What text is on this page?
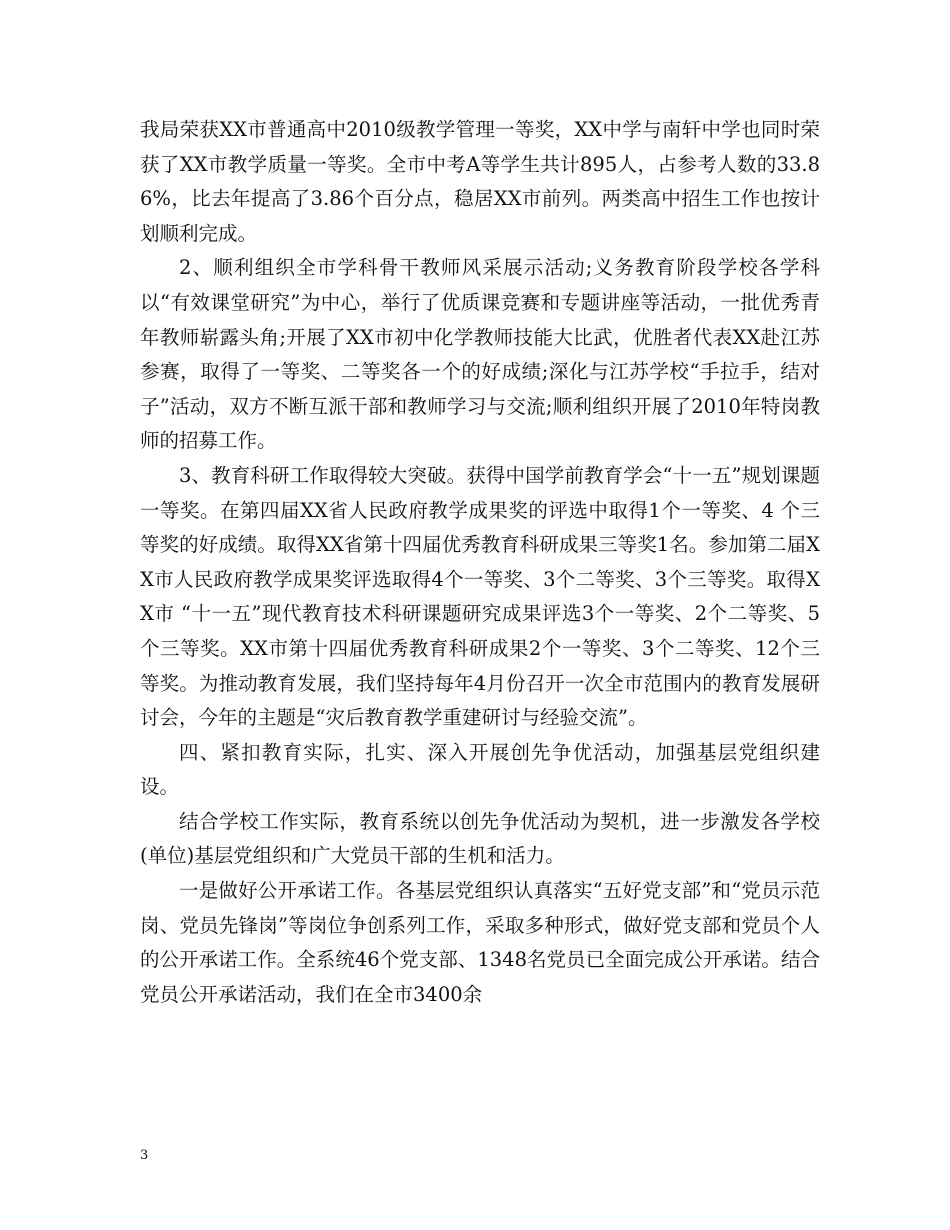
我局荣获XX市普通高中2010级教学管理一等奖，XX中学与南轩中学也同时荣获了XX市教学质量一等奖。全市中考A等学生共计895人，占参考人数的33.86%，比去年提高了3.86个百分点，稳居XX市前列。两类高中招生工作也按计划顺利完成。

2、顺利组织全市学科骨干教师风采展示活动;义务教育阶段学校各学科以“有效课堂研究”为中心，举行了优质课竞赛和专题讲座等活动，一批优秀青年教师崭露头角;开展了XX市初中化学教师技能大比武，优胜者代表XX赴江苏参赛，取得了一等奖、二等奖各一个的好成绩;深化与江苏学校“手拉手，结对子”活动，双方不断互派干部和教师学习与交流;顺利组织开展了2010年特岗教师的招募工作。

3、教育科研工作取得较大突破。获得中国学前教育学会“十一五”规划课题一等奖。在第四届XX省人民政府教学成果奖的评选中取得1个一等奖、4 个三等奖的好成绩。取得XX省第十四届优秀教育科研成果三等奖1名。参加第二届XX市人民政府教学成果奖评选取得4个一等奖、3个二等奖、3个三等奖。取得XX市 “十一五”现代教育技术科研课题研究成果评选3个一等奖、2个二等奖、5个三等奖。XX市第十四届优秀教育科研成果2个一等奖、3个二等奖、12个三等奖。为推动教育发展，我们坚持每年4月份召开一次全市范围内的教育发展研讨会，今年的主题是“灾后教育教学重建研讨与经验交流”。

四、紧扣教育实际，扎实、深入开展创先争优活动，加强基层党组织建设。

结合学校工作实际，教育系统以创先争优活动为契机，进一步激发各学校(单位)基层党组织和广大党员干部的生机和活力。

一是做好公开承诺工作。各基层党组织认真落实“五好党支部”和“党员示范岗、党员先锋岗”等岗位争创系列工作，采取多种形式，做好党支部和党员个人的公开承诺工作。全系统46个党支部、1348名党员已全面完成公开承诺。结合党员公开承诺活动，我们在全市3400余

3
